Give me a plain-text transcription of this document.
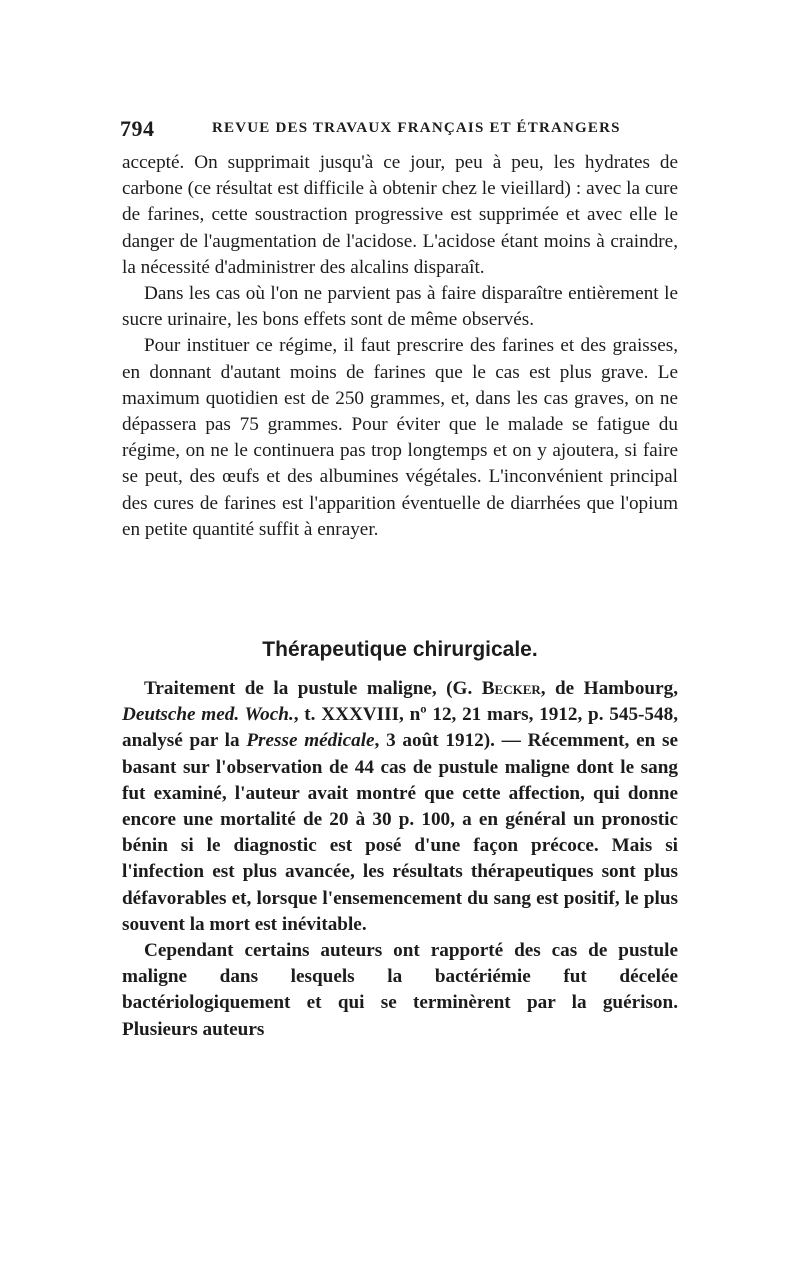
794	REVUE DES TRAVAUX FRANÇAIS ET ÉTRANGERS

accepté. On supprimait jusqu'à ce jour, peu à peu, les hydrates de carbone (ce résultat est difficile à obtenir chez le vieillard) : avec la cure de farines, cette soustraction progressive est supprimée et avec elle le danger de l'augmentation de l'acidose. L'acidose étant moins à craindre, la nécessité d'administrer des alcalins disparaît.

Dans les cas où l'on ne parvient pas à faire disparaître entièrement le sucre urinaire, les bons effets sont de même observés.

Pour instituer ce régime, il faut prescrire des farines et des graisses, en donnant d'autant moins de farines que le cas est plus grave. Le maximum quotidien est de 250 grammes, et, dans les cas graves, on ne dépassera pas 75 grammes. Pour éviter que le malade se fatigue du régime, on ne le continuera pas trop longtemps et on y ajoutera, si faire se peut, des œufs et des albumines végétales. L'inconvénient principal des cures de farines est l'apparition éventuelle de diarrhées que l'opium en petite quantité suffit à enrayer.

Thérapeutique chirurgicale.

Traitement de la pustule maligne, (G. Becker, de Hambourg, Deutsche med. Woch., t. XXXVIII, nº 12, 21 mars, 1912, p. 545-548, analysé par la Presse médicale, 3 août 1912). — Récemment, en se basant sur l'observation de 44 cas de pustule maligne dont le sang fut examiné, l'auteur avait montré que cette affection, qui donne encore une mortalité de 20 à 30 p. 100, a en général un pronostic bénin si le diagnostic est posé d'une façon précoce. Mais si l'infection est plus avancée, les résultats thérapeutiques sont plus défavorables et, lorsque l'ensemencement du sang est positif, le plus souvent la mort est inévitable.

Cependant certains auteurs ont rapporté des cas de pustule maligne dans lesquels la bactériémie fut décelée bactériologiquement et qui se terminèrent par la guérison. Plusieurs auteurs
